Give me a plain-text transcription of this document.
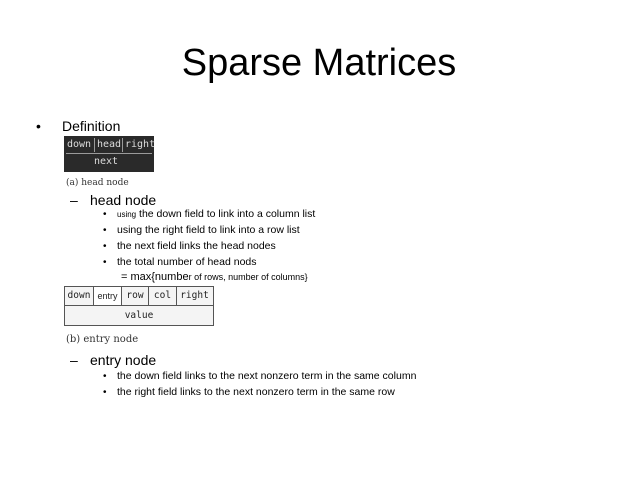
Sparse Matrices
• Definition
down head right
next
(a) head node
– head node
• using the down field to link into a column list
• using the right field to link into a row list
• the next field links the head nodes
• the total number of head nods
= max{number of rows, number of columns}
down entry row	col right
value
(b) entry node
– entry node
• the down field links to the next nonzero term in the same column
• the right field links to the next nonzero term in the same row
